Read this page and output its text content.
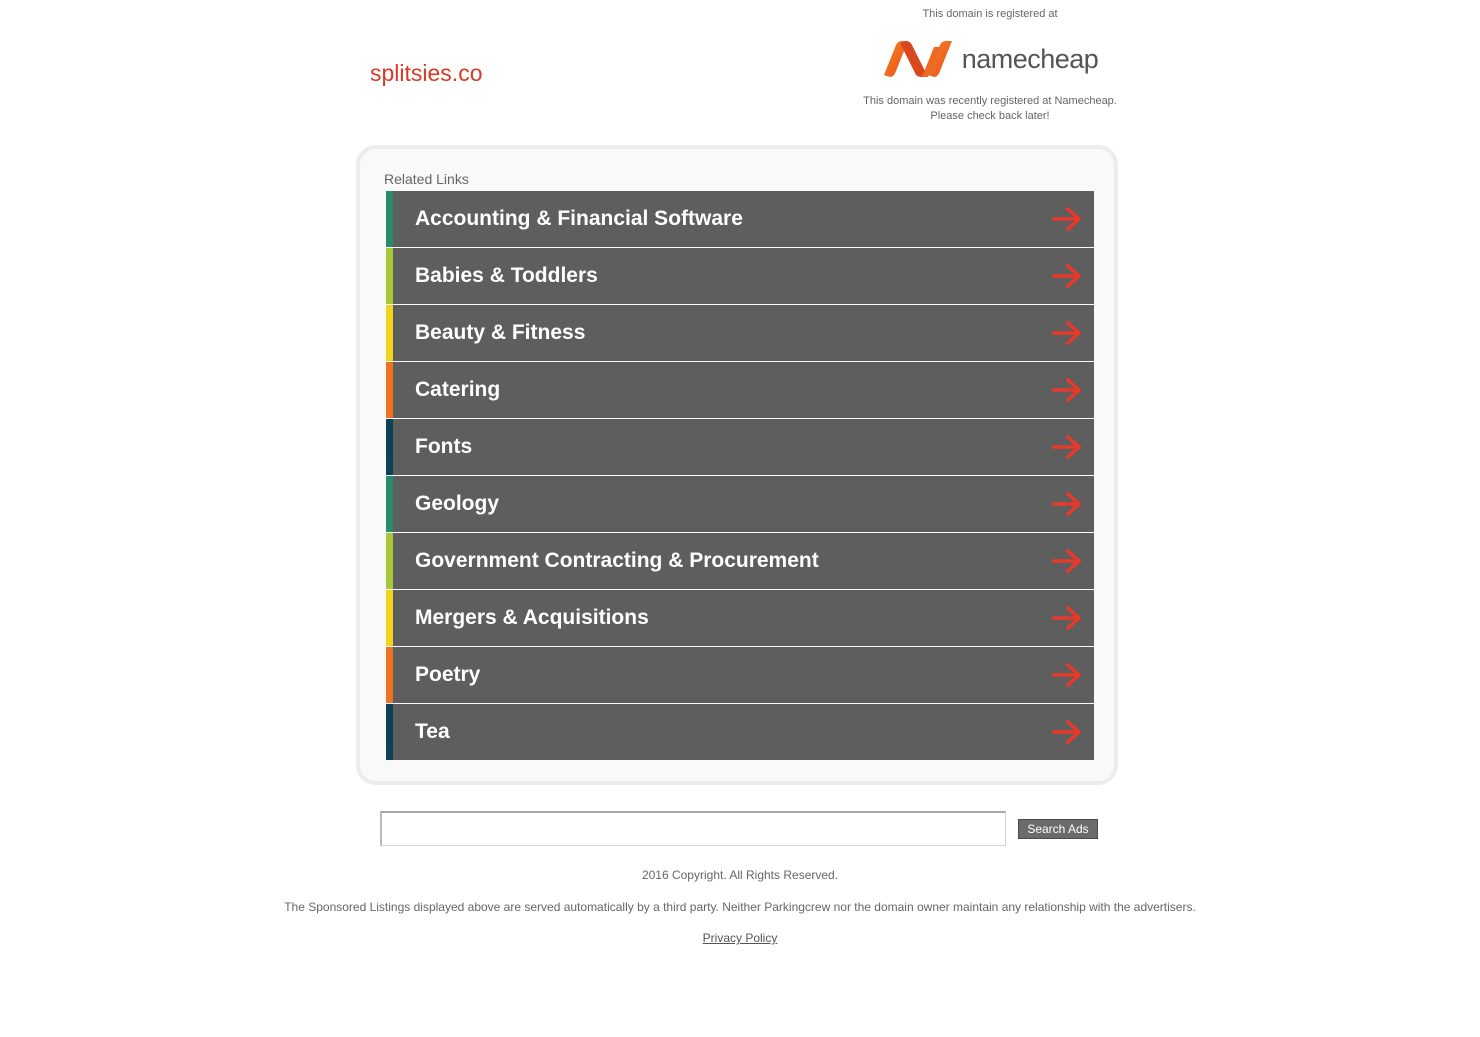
splitsies.co
This domain is registered at
namecheap
This domain was recently registered at Namecheap.
Please check back later!
Related Links
Accounting & Financial Software
Babies & Toddlers
Beauty & Fitness
Catering
Fonts
Geology
Government Contracting & Procurement
Mergers & Acquisitions
Poetry
Tea
Search Ads
2016 Copyright. All Rights Reserved.
The Sponsored Listings displayed above are served automatically by a third party. Neither Parkingcrew nor the domain owner maintain any relationship with the advertisers.
Privacy Policy
